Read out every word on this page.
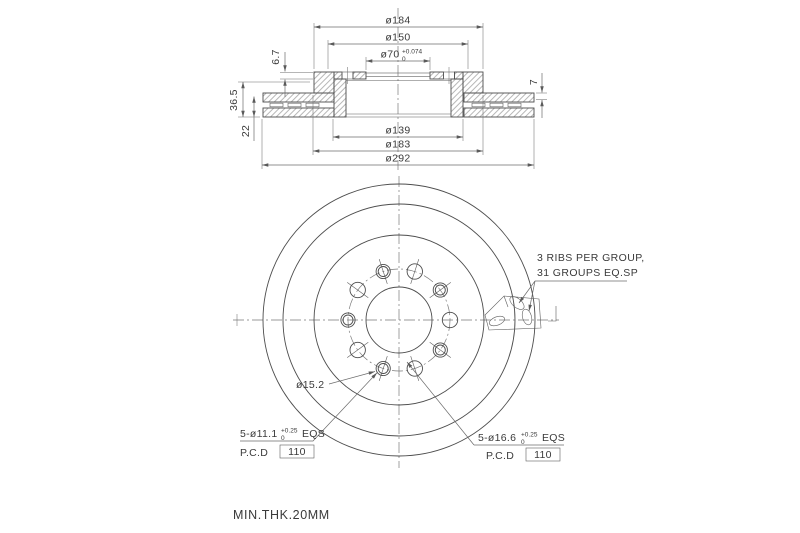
ø184
ø150
ø70 +0.074
0
6.7
36.5
22
7
ø139
ø183
ø292
ø15.2
5-ø11.1 +0.25
0 EQS
P.C.D 110
5-ø16.6 +0.25
0 EQS
P.C.D 110
3 RIBS PER GROUP,
31 GROUPS EQ.SP
MIN.THK.20MM
